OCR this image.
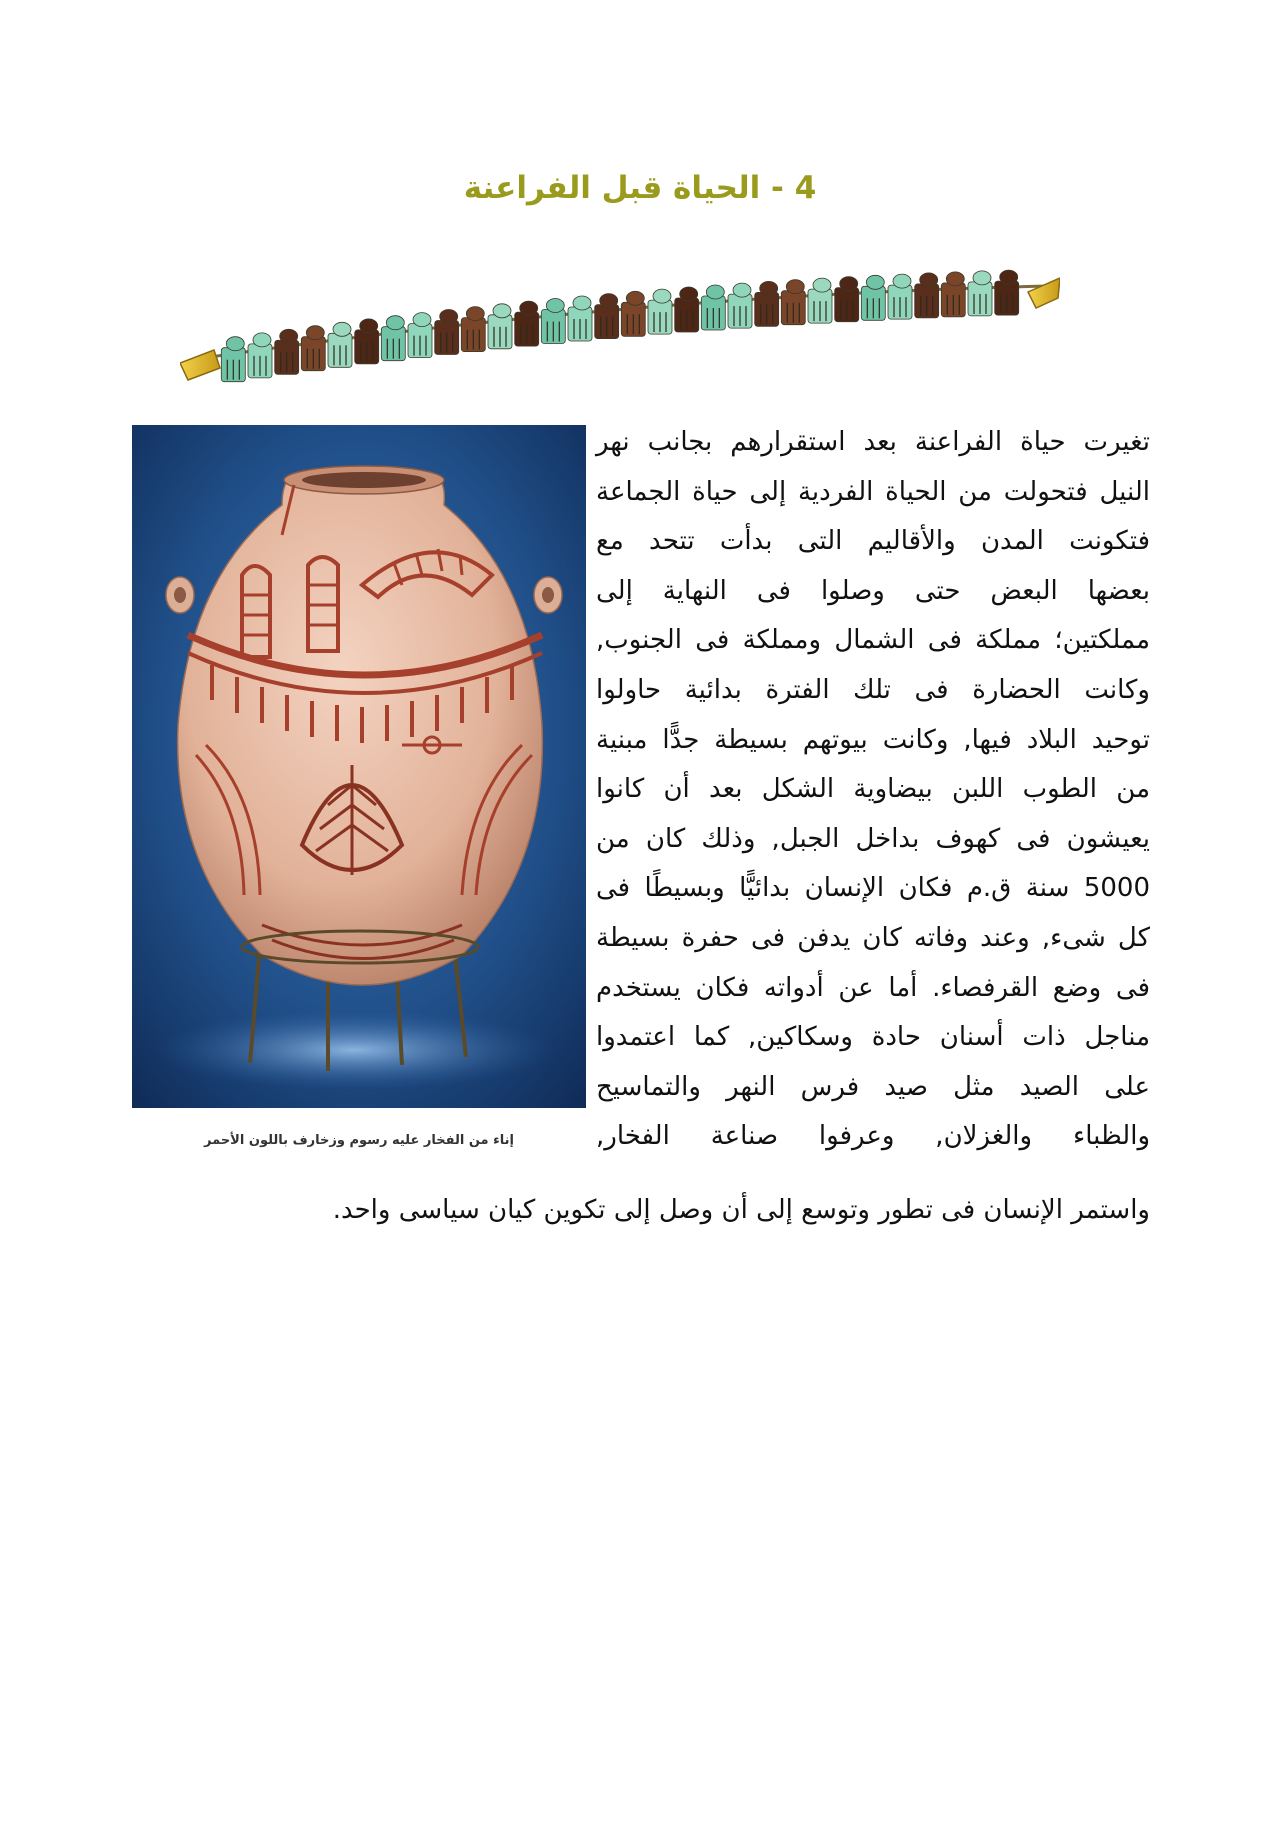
4 - الحياة قبل الفراعنة
إناء من الفخار عليه رسوم وزخارف باللون الأحمر
تغيرت حياة الفراعنة بعد استقرارهم بجانب نهر
النيل فتحولت من الحياة الفردية إلى حياة الجماعة
فتكونت المدن والأقاليم التى بدأت تتحد مع
بعضها البعض حتى وصلوا فى النهاية إلى
مملكتين؛ مملكة فى الشمال ومملكة فى الجنوب,
وكانت الحضارة فى تلك الفترة بدائية حاولوا
توحيد البلاد فيها, وكانت بيوتهم بسيطة جدًّا مبنية
من الطوب اللبن بيضاوية الشكل بعد أن كانوا
يعيشون فى كهوف بداخل الجبل, وذلك كان من
5000 سنة ق.م فكان الإنسان بدائيًّا وبسيطًا فى
كل شىء, وعند وفاته كان يدفن فى حفرة بسيطة
فى وضع القرفصاء. أما عن أدواته فكان يستخدم
مناجل ذات أسنان حادة وسكاكين, كما اعتمدوا
على الصيد مثل صيد فرس النهر والتماسيح
والظباء والغزلان, وعرفوا صناعة الفخار,
واستمر الإنسان فى تطور وتوسع إلى أن وصل إلى تكوين كيان سياسى واحد.
